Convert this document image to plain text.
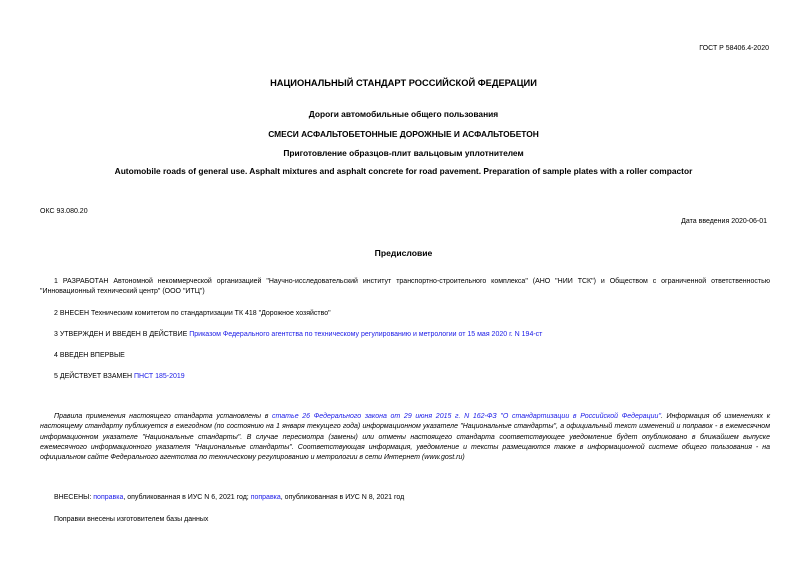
ГОСТ Р 58406.4-2020
НАЦИОНАЛЬНЫЙ СТАНДАРТ РОССИЙСКОЙ ФЕДЕРАЦИИ
Дороги автомобильные общего пользования
СМЕСИ АСФАЛЬТОБЕТОННЫЕ ДОРОЖНЫЕ И АСФАЛЬТОБЕТОН
Приготовление образцов-плит вальцовым уплотнителем
Automobile roads of general use. Asphalt mixtures and asphalt concrete for road pavement. Preparation of sample plates with a roller compactor
ОКС 93.080.20
Дата введения 2020-06-01
Предисловие
1 РАЗРАБОТАН Автономной некоммерческой организацией "Научно-исследовательский институт транспортно-строительного комплекса" (АНО "НИИ ТСК") и Обществом с ограниченной ответственностью "Инновационный технический центр" (ООО "ИТЦ")
2 ВНЕСЕН Техническим комитетом по стандартизации ТК 418 "Дорожное хозяйство"
3 УТВЕРЖДЕН И ВВЕДЕН В ДЕЙСТВИЕ Приказом Федерального агентства по техническому регулированию и метрологии от 15 мая 2020 г. N 194-ст
4 ВВЕДЕН ВПЕРВЫЕ
5 ДЕЙСТВУЕТ ВЗАМЕН ПНСТ 185-2019
Правила применения настоящего стандарта установлены в статье 26 Федерального закона от 29 июня 2015 г. N 162-ФЗ "О стандартизации в Российской Федерации". Информация об изменениях к настоящему стандарту публикуется в ежегодном (по состоянию на 1 января текущего года) информационном указателе "Национальные стандарты", а официальный текст изменений и поправок - в ежемесячном информационном указателе "Национальные стандарты". В случае пересмотра (замены) или отмены настоящего стандарта соответствующее уведомление будет опубликовано в ближайшем выпуске ежемесячного информационного указателя "Национальные стандарты". Соответствующая информация, уведомление и тексты размещаются также в информационной системе общего пользования - на официальном сайте Федерального агентства по техническому регулированию и метрологии в сети Интернет (www.gost.ru)
ВНЕСЕНЫ: поправка, опубликованная в ИУС N 6, 2021 год; поправка, опубликованная в ИУС N 8, 2021 год
Поправки внесены изготовителем базы данных
